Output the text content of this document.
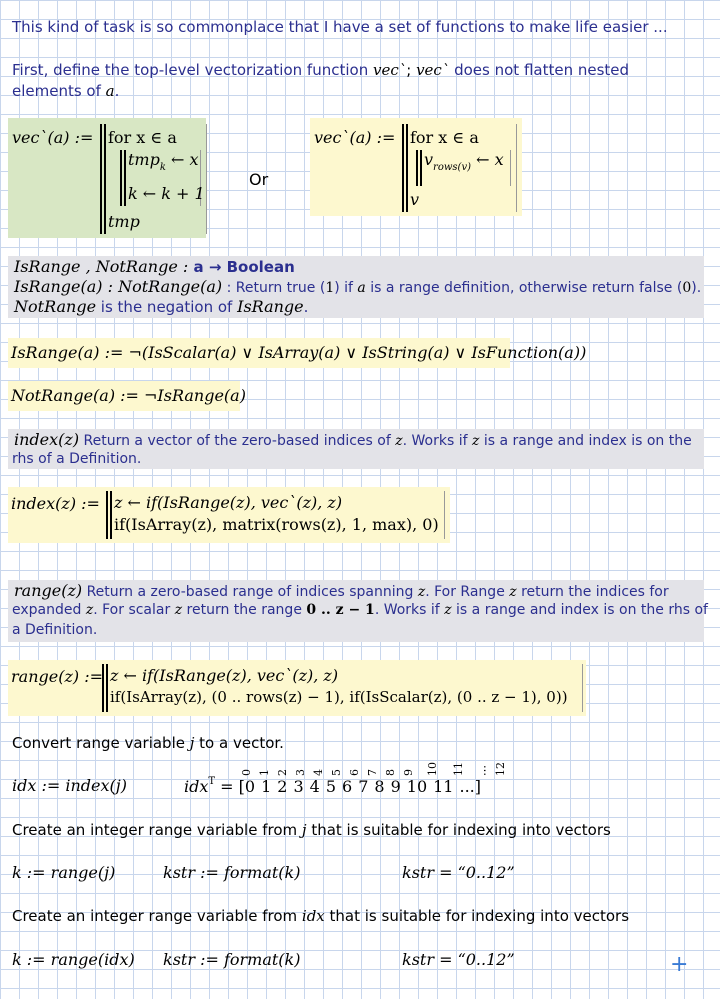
This kind of task is so commonplace that I have a set of functions to make life easier ...
First, define the top-level vectorization function vec`; vec` does not flatten nested
elements of a.
vec`(a) := for x ∈ a
tmp$_k$ ← x
k ← k + 1
tmp
Or
vec`(a) := for x ∈ a
$v_{rows(v)}$ ← x
v
IsRange , NotRange : a → Boolean
IsRange(a) : NotRange(a) : Return true (1) if a is a range definition, otherwise return false (0).
NotRange is the negation of IsRange.
IsRange(a) := ¬(IsScalar(a) ∨ IsArray(a) ∨ IsString(a) ∨ IsFunction(a))
NotRange(a) := ¬IsRange(a)
index(z) Return a vector of the zero-based indices of z. Works if z is a range and index is on the
rhs of a Definition.
index(z) := z ← if(IsRange(z), vec`(z), z)
if(IsArray(z), matrix(rows(z), 1, max), 0)
range(z) Return a zero-based range of indices spanning z. For Range z return the indices for
expanded z. For scalar z return the range 0 .. z − 1. Works if z is a range and index is on the rhs of
a Definition.
range(z) := z ← if(IsRange(z), vec`(z), z)
if(IsArray(z), (0 .. rows(z) − 1), if(IsScalar(z), (0 .. z − 1), 0))
Convert range variable j to a vector.
idx := index(j)
0 1 2 3 4 5 6 7 8 9 10 11 ⋯ 12
idx$^T$ = [0 1 2 3 4 5 6 7 8 9 10 11 ...]
Create an integer range variable from j that is suitable for indexing into vectors
k := range(j)	kstr := format(k)	kstr = “0..12”
Create an integer range variable from idx that is suitable for indexing into vectors
k := range(idx) kstr := format(k)	kstr = “0..12”	+
